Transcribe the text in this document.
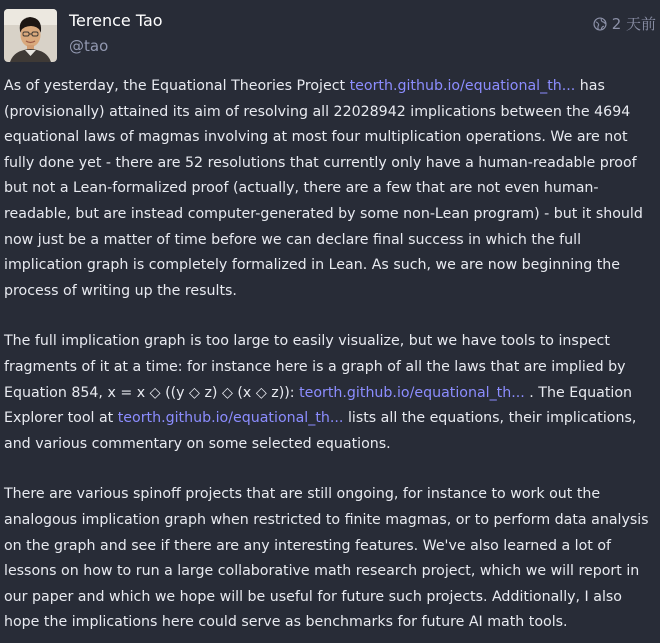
Terence Tao
@tao
2 天前

As of yesterday, the Equational Theories Project teorth.github.io/equational_th... has (provisionally) attained its aim of resolving all 22028942 implications between the 4694 equational laws of magmas involving at most four multiplication operations. We are not fully done yet - there are 52 resolutions that currently only have a human-readable proof but not a Lean-formalized proof (actually, there are a few that are not even human-readable, but are instead computer-generated by some non-Lean program) - but it should now just be a matter of time before we can declare final success in which the full implication graph is completely formalized in Lean. As such, we are now beginning the process of writing up the results.

The full implication graph is too large to easily visualize, but we have tools to inspect fragments of it at a time: for instance here is a graph of all the laws that are implied by Equation 854, x = x ◇ ((y ◇ z) ◇ (x ◇ z)): teorth.github.io/equational_th... . The Equation Explorer tool at teorth.github.io/equational_th... lists all the equations, their implications, and various commentary on some selected equations.

There are various spinoff projects that are still ongoing, for instance to work out the analogous implication graph when restricted to finite magmas, or to perform data analysis on the graph and see if there are any interesting features. We've also learned a lot of lessons on how to run a large collaborative math research project, which we will report in our paper and which we hope will be useful for future such projects. Additionally, I also hope the implications here could serve as benchmarks for future AI math tools.
